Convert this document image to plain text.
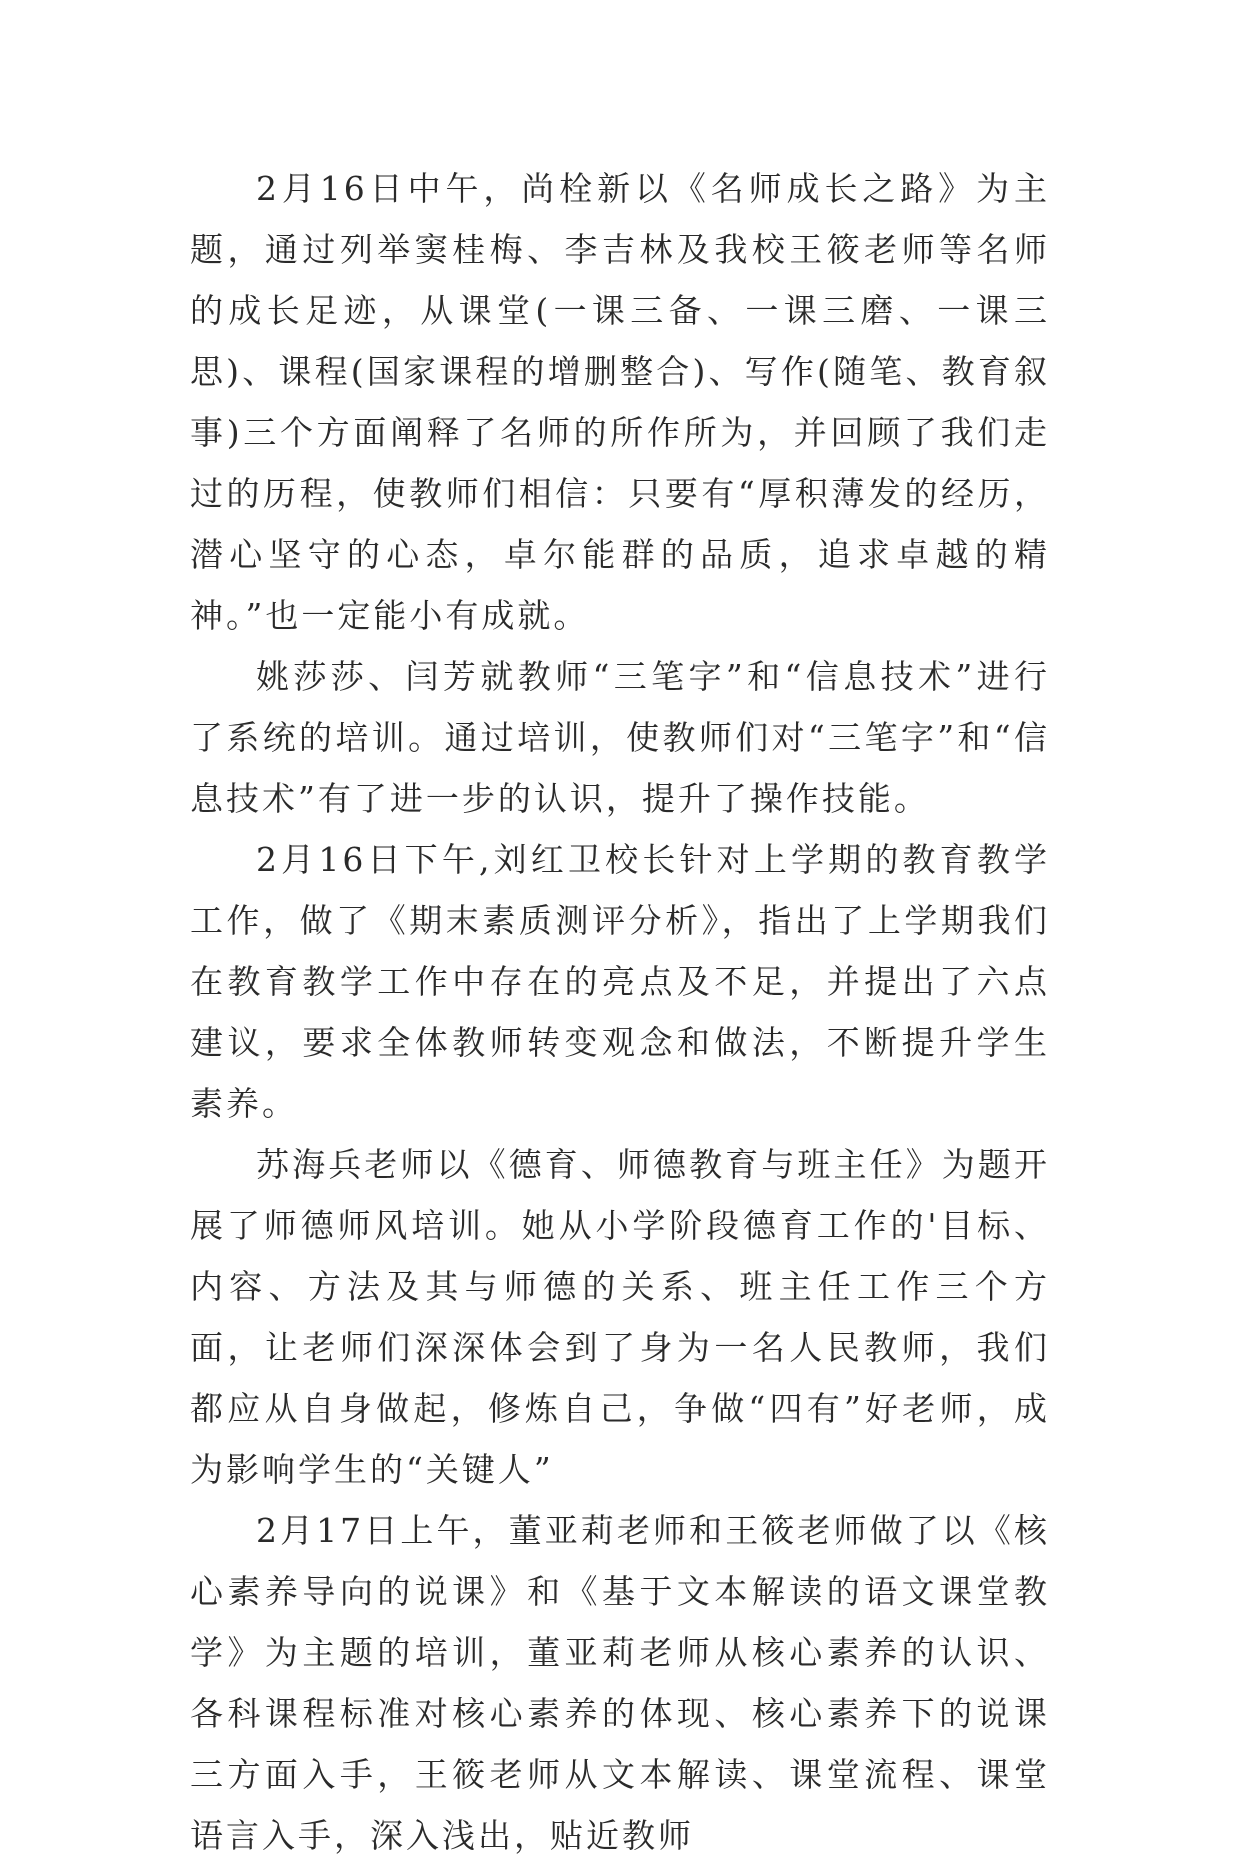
2月16日中午，尚栓新以《名师成长之路》为主题，通过列举窦桂梅、李吉林及我校王筱老师等名师的成长足迹，从课堂(一课三备、一课三磨、一课三思)、课程(国家课程的增删整合)、写作(随笔、教育叙事)三个方面阐释了名师的所作所为，并回顾了我们走过的历程，使教师们相信：只要有“厚积薄发的经历，潜心坚守的心态，卓尔能群的品质，追求卓越的精神。”也一定能小有成就。

姚莎莎、闫芳就教师“三笔字”和“信息技术”进行了系统的培训。通过培训，使教师们对“三笔字”和“信息技术”有了进一步的认识，提升了操作技能。

2月16日下午,刘红卫校长针对上学期的教育教学工作，做了《期末素质测评分析》，指出了上学期我们在教育教学工作中存在的亮点及不足，并提出了六点建议，要求全体教师转变观念和做法，不断提升学生素养。

苏海兵老师以《德育、师德教育与班主任》为题开展了师德师风培训。她从小学阶段德育工作的'目标、内容、方法及其与师德的关系、班主任工作三个方面，让老师们深深体会到了身为一名人民教师，我们都应从自身做起，修炼自己，争做“四有”好老师，成为影响学生的“关键人”

2月17日上午，董亚莉老师和王筱老师做了以《核心素养导向的说课》和《基于文本解读的语文课堂教学》为主题的培训，董亚莉老师从核心素养的认识、各科课程标准对核心素养的体现、核心素养下的说课三方面入手，王筱老师从文本解读、课堂流程、课堂语言入手，深入浅出，贴近教师
